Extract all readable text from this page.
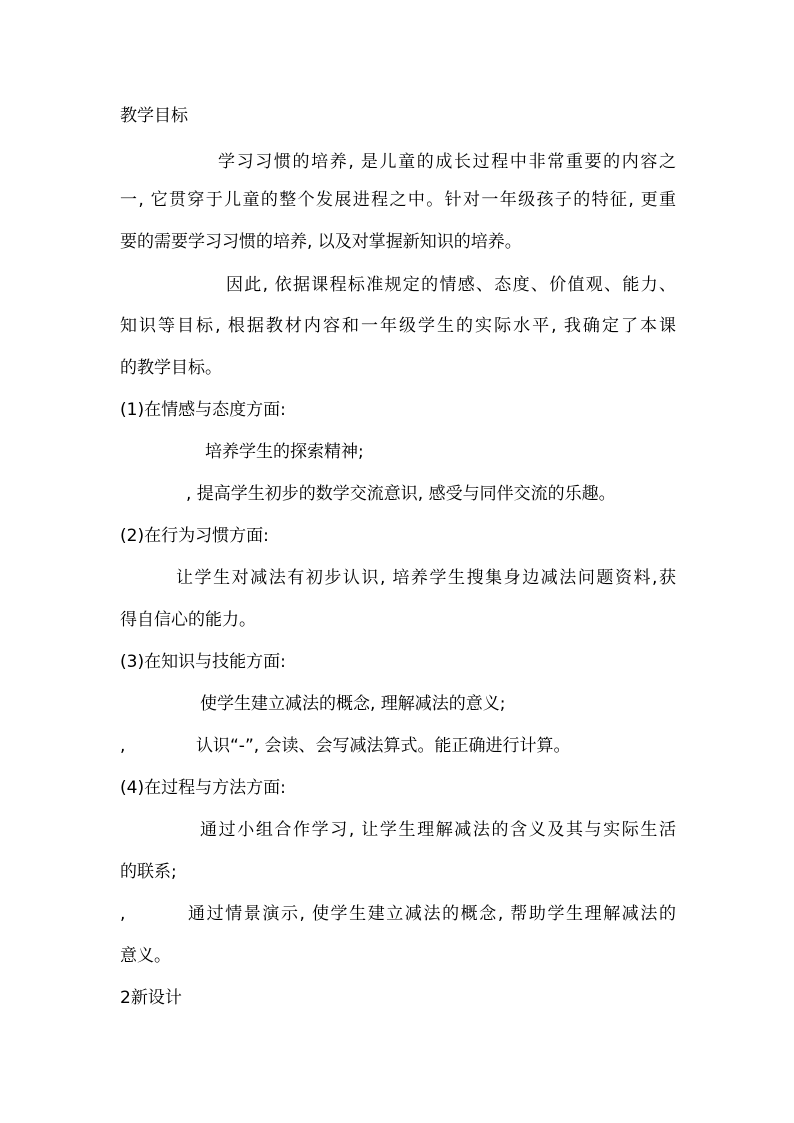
教学目标
学习习惯的培养, 是儿童的成长过程中非常重要的内容之
一, 它贯穿于儿童的整个发展进程之中。针对一年级孩子的特征, 更重
要的需要学习习惯的培养, 以及对掌握新知识的培养。
因此, 依据课程标准规定的情感、态度、价值观、能力、
知识等目标, 根据教材内容和一年级学生的实际水平, 我确定了本课
的教学目标。
(1)在情感与态度方面:
培养学生的探索精神;
, 提高学生初步的数学交流意识, 感受与同伴交流的乐趣。
(2)在行为习惯方面:
让学生对减法有初步认识, 培养学生搜集身边减法问题资料,获
得自信心的能力。
(3)在知识与技能方面:
使学生建立减法的概念, 理解减法的意义;
,	认识“-”, 会读、会写减法算式。能正确进行计算。
(4)在过程与方法方面:
通过小组合作学习, 让学生理解减法的含义及其与实际生活
的联系;
,	通过情景演示, 使学生建立减法的概念, 帮助学生理解减法的
意义。
2新设计
